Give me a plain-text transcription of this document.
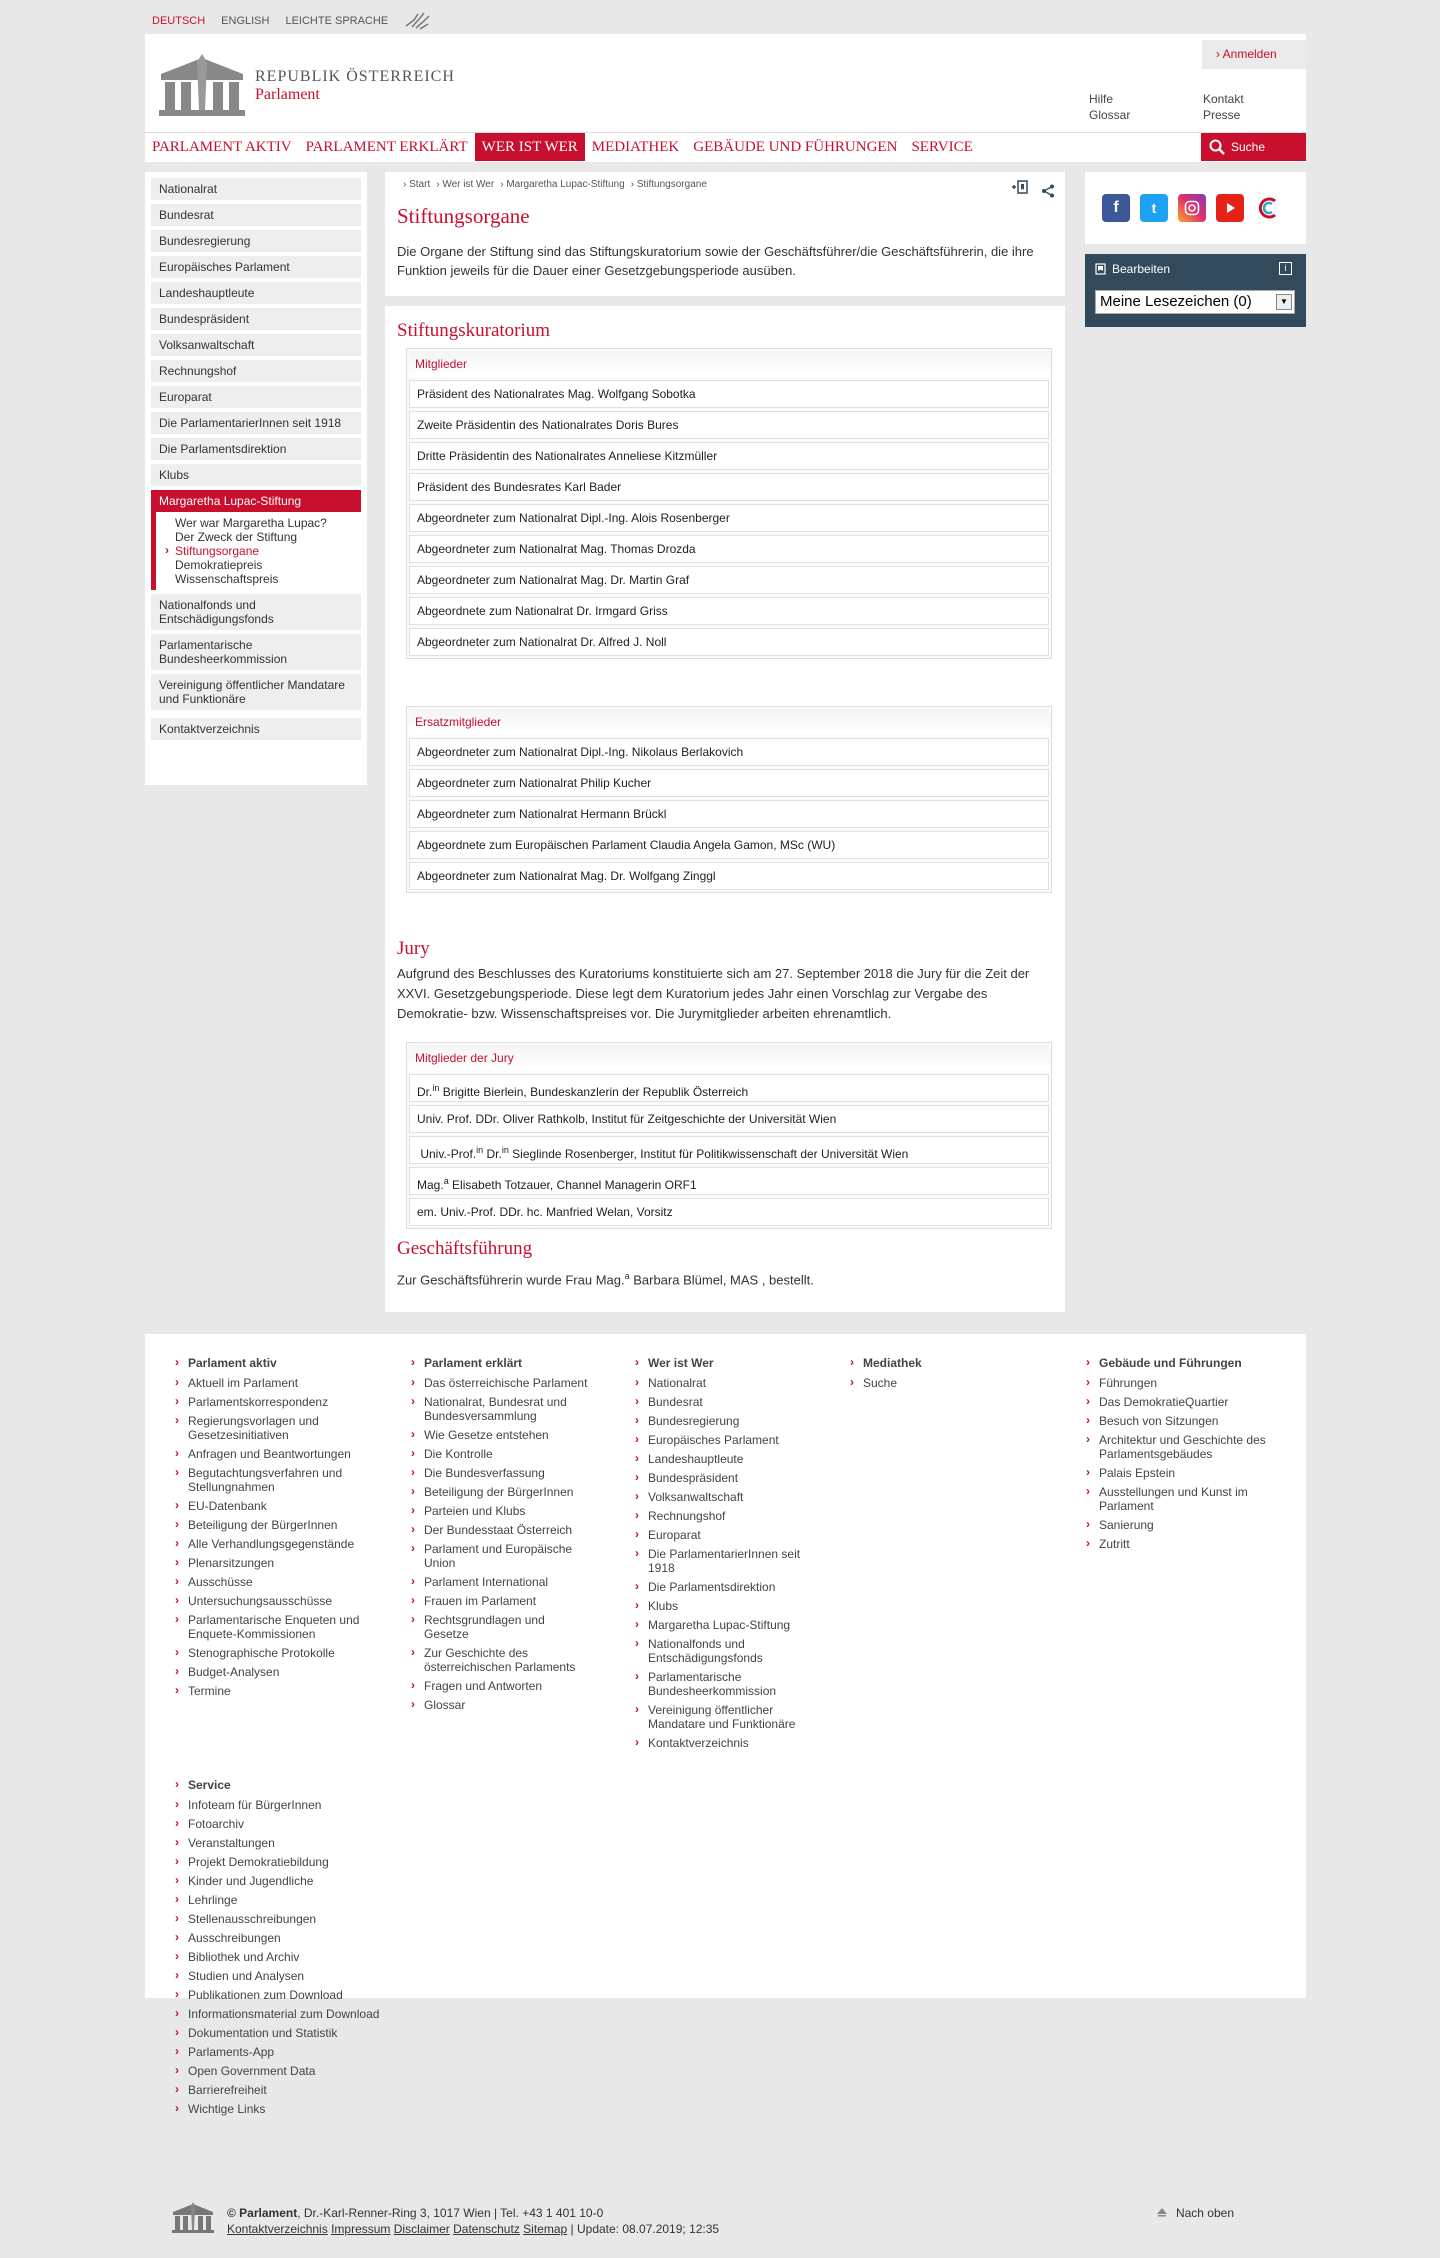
DEUTSCH ENGLISH LEICHTE SPRACHE
REPUBLIK ÖSTERREICH
Parlament
› Anmelden
Hilfe	Kontakt
Glossar	Presse
PARLAMENT AKTIV PARLAMENT ERKLÄRT WER IST WER MEDIATHEK GEBÄUDE UND FÜHRUNGEN SERVICE	Suche
Nationalrat
Bundesrat
Bundesregierung
Europäisches Parlament
Landeshauptleute
Bundespräsident
Volksanwaltschaft
Rechnungshof
Europarat
Die ParlamentarierInnen seit 1918
Die Parlamentsdirektion
Klubs
Margaretha Lupac-Stiftung
Wer war Margaretha Lupac?
Der Zweck der Stiftung
› Stiftungsorgane
Demokratiepreis
Wissenschaftspreis
Nationalfonds und Entschädigungsfonds
Parlamentarische Bundesheerkommission
Vereinigung öffentlicher Mandatare und Funktionäre
Kontaktverzeichnis
› Start	› Wer ist Wer	› Margaretha Lupac-Stiftung	› Stiftungsorgane
Stiftungsorgane
Die Organe der Stiftung sind das Stiftungskuratorium sowie der Geschäftsführer/die Geschäftsführerin, die ihre Funktion jeweils für die Dauer einer Gesetzgebungsperiode ausüben.
Stiftungskuratorium
Mitglieder
Präsident des Nationalrates Mag. Wolfgang Sobotka
Zweite Präsidentin des Nationalrates Doris Bures
Dritte Präsidentin des Nationalrates Anneliese Kitzmüller
Präsident des Bundesrates Karl Bader
Abgeordneter zum Nationalrat Dipl.-Ing. Alois Rosenberger
Abgeordneter zum Nationalrat Mag. Thomas Drozda
Abgeordneter zum Nationalrat Mag. Dr. Martin Graf
Abgeordnete zum Nationalrat Dr. Irmgard Griss
Abgeordneter zum Nationalrat Dr. Alfred J. Noll
Ersatzmitglieder
Abgeordneter zum Nationalrat Dipl.-Ing. Nikolaus Berlakovich
Abgeordneter zum Nationalrat Philip Kucher
Abgeordneter zum Nationalrat Hermann Brückl
Abgeordnete zum Europäischen Parlament Claudia Angela Gamon, MSc (WU)
Abgeordneter zum Nationalrat Mag. Dr. Wolfgang Zinggl
Jury
Aufgrund des Beschlusses des Kuratoriums konstituierte sich am 27. September 2018 die Jury für die Zeit der XXVI. Gesetzgebungsperiode. Diese legt dem Kuratorium jedes Jahr einen Vorschlag zur Vergabe des Demokratie- bzw. Wissenschaftspreises vor. Die Jurymitglieder arbeiten ehrenamtlich.
Mitglieder der Jury
Dr.$^{in}$ Brigitte Bierlein, Bundeskanzlerin der Republik Österreich
Univ. Prof. DDr. Oliver Rathkolb, Institut für Zeitgeschichte der Universität Wien
Univ.-Prof.$^{in}$ Dr.$^{in}$ Sieglinde Rosenberger, Institut für Politikwissenschaft der Universität Wien
Mag.$^a$ Elisabeth Totzauer, Channel Managerin ORF1
em. Univ.-Prof. DDr. hc. Manfried Welan, Vorsitz
Geschäftsführung
Zur Geschäftsführerin wurde Frau Mag.$^a$ Barbara Blümel, MAS , bestellt.
f	t
Bearbeiten	i
Meine Lesezeichen (0)	▼
› Parlament aktiv
› Aktuell im Parlament
› Parlamentskorrespondenz
› Regierungsvorlagen und Gesetzesinitiativen
› Anfragen und Beantwortungen
› Begutachtungsverfahren und Stellungnahmen
› EU-Datenbank
› Beteiligung der BürgerInnen
› Alle Verhandlungsgegenstände
› Plenarsitzungen
› Ausschüsse
› Untersuchungsausschüsse
› Parlamentarische Enqueten und Enquete-Kommissionen
› Stenographische Protokolle
› Budget-Analysen
› Termine
› Parlament erklärt
› Das österreichische Parlament
› Nationalrat, Bundesrat und Bundesversammlung
› Wie Gesetze entstehen
› Die Kontrolle
› Die Bundesverfassung
› Beteiligung der BürgerInnen
› Parteien und Klubs
› Der Bundesstaat Österreich
› Parlament und Europäische Union
› Parlament International
› Frauen im Parlament
› Rechtsgrundlagen und Gesetze
› Zur Geschichte des österreichischen Parlaments
› Fragen und Antworten
› Glossar
› Wer ist Wer
› Nationalrat
› Bundesrat
› Bundesregierung
› Europäisches Parlament
› Landeshauptleute
› Bundespräsident
› Volksanwaltschaft
› Rechnungshof
› Europarat
› Die ParlamentarierInnen seit 1918
› Die Parlamentsdirektion
› Klubs
› Margaretha Lupac-Stiftung
› Nationalfonds und Entschädigungsfonds
› Parlamentarische Bundesheerkommission
› Vereinigung öffentlicher Mandatare und Funktionäre
› Kontaktverzeichnis
› Mediathek
› Suche
› Gebäude und Führungen
› Führungen
› Das DemokratieQuartier
› Besuch von Sitzungen
› Architektur und Geschichte des Parlamentsgebäudes
› Palais Epstein
› Ausstellungen und Kunst im Parlament
› Sanierung
› Zutritt
› Service
› Infoteam für BürgerInnen
› Fotoarchiv
› Veranstaltungen
› Projekt Demokratiebildung
› Kinder und Jugendliche
› Lehrlinge
› Stellenausschreibungen
› Ausschreibungen
› Bibliothek und Archiv
› Studien und Analysen
› Publikationen zum Download
› Informationsmaterial zum Download
› Dokumentation und Statistik
› Parlaments-App
› Open Government Data
› Barrierefreiheit
› Wichtige Links
© Parlament, Dr.-Karl-Renner-Ring 3, 1017 Wien | Tel. +43 1 401 10-0
Kontaktverzeichnis Impressum Disclaimer Datenschutz Sitemap | Update: 08.07.2019; 12:35
Nach oben
